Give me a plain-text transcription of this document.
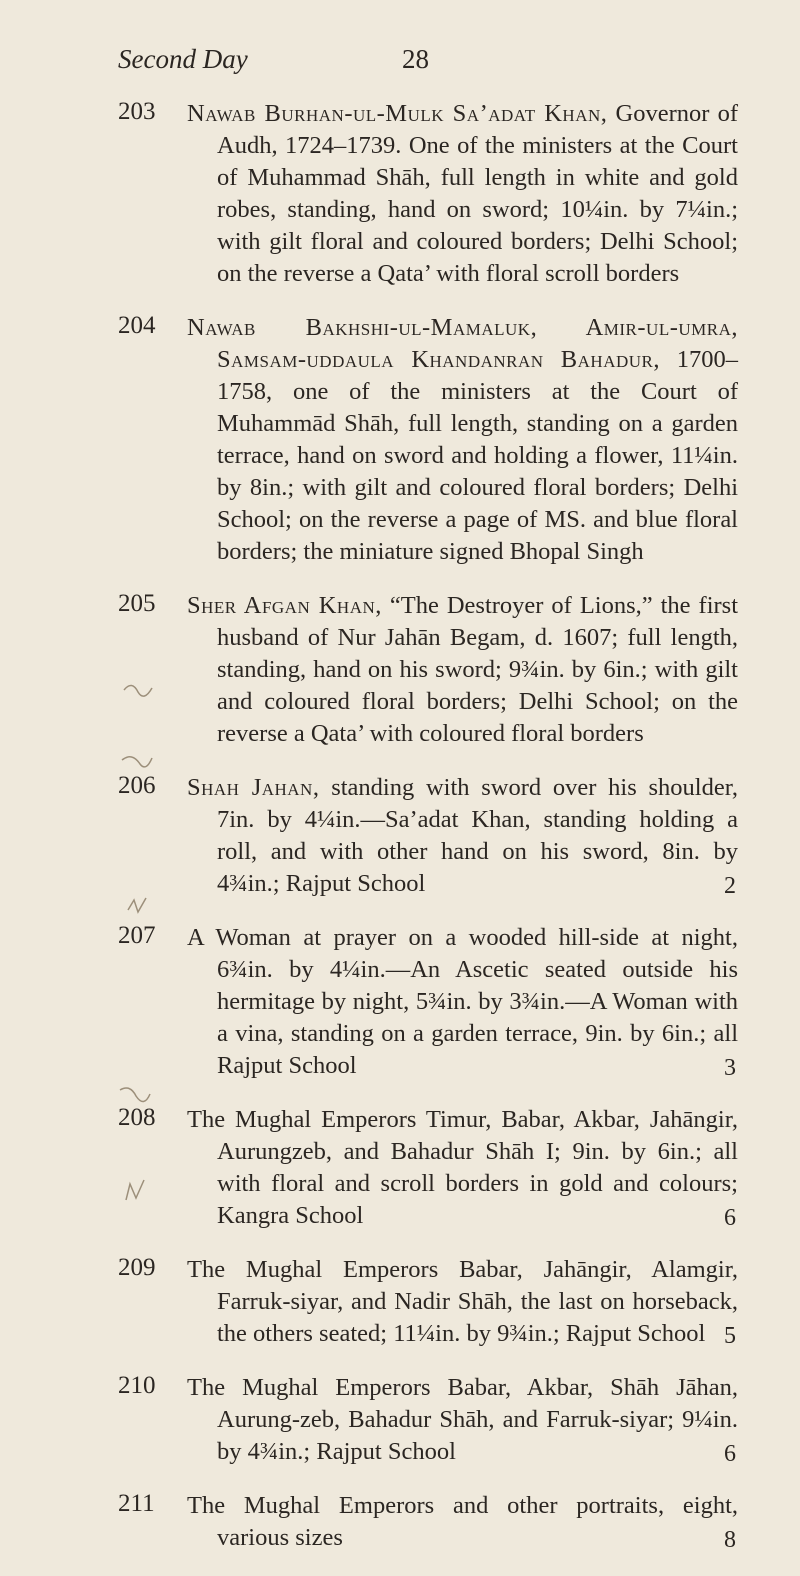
Second Day	28
203 Nawab Burhan-ul-Mulk Sa’adat Khan, Governor of Audh, 1724–1739. One of the ministers at the Court of Muhammad Shāh, full length in white and gold robes, standing, hand on sword; 10¼in. by 7¼in.; with gilt floral and coloured borders; Delhi School; on the reverse a Qata’ with floral scroll borders
204 Nawab Bakhshi-ul-Mamaluk, Amir-ul-umra, Samsam-uddaula Khandanran Bahadur, 1700–1758, one of the ministers at the Court of Muhammād Shāh, full length, standing on a garden terrace, hand on sword and holding a flower, 11¼in. by 8in.; with gilt and coloured floral borders; Delhi School; on the reverse a page of MS. and blue floral borders; the miniature signed Bhopal Singh
205 Sher Afgan Khan, “The Destroyer of Lions,” the first husband of Nur Jahān Begam, d. 1607; full length, standing, hand on his sword; 9¾in. by 6in.; with gilt and coloured floral borders; Delhi School; on the reverse a Qata’ with coloured floral borders
206 Shah Jahan, standing with sword over his shoulder, 7in. by 4¼in.—Sa’adat Khan, standing holding a roll, and with other hand on his sword, 8in. by 4¾in.; Rajput School	2
207 A Woman at prayer on a wooded hill-side at night, 6¾in. by 4¼in.—An Ascetic seated outside his hermitage by night, 5¾in. by 3¾in.—A Woman with a vina, standing on a garden terrace, 9in. by 6in.; all Rajput School	3
208 The Mughal Emperors Timur, Babar, Akbar, Jahāngir, Aurungzeb, and Bahadur Shāh I; 9in. by 6in.; all with floral and scroll borders in gold and colours; Kangra School	6
209 The Mughal Emperors Babar, Jahāngir, Alamgir, Farruk-siyar, and Nadir Shāh, the last on horseback, the others seated; 11¼in. by 9¾in.; Rajput School 5
210 The Mughal Emperors Babar, Akbar, Shāh Jāhan, Aurung-zeb, Bahadur Shāh, and Farruk-siyar; 9¼in. by 4¾in.; Rajput School	6
211 The Mughal Emperors and other portraits, eight, various sizes	8
